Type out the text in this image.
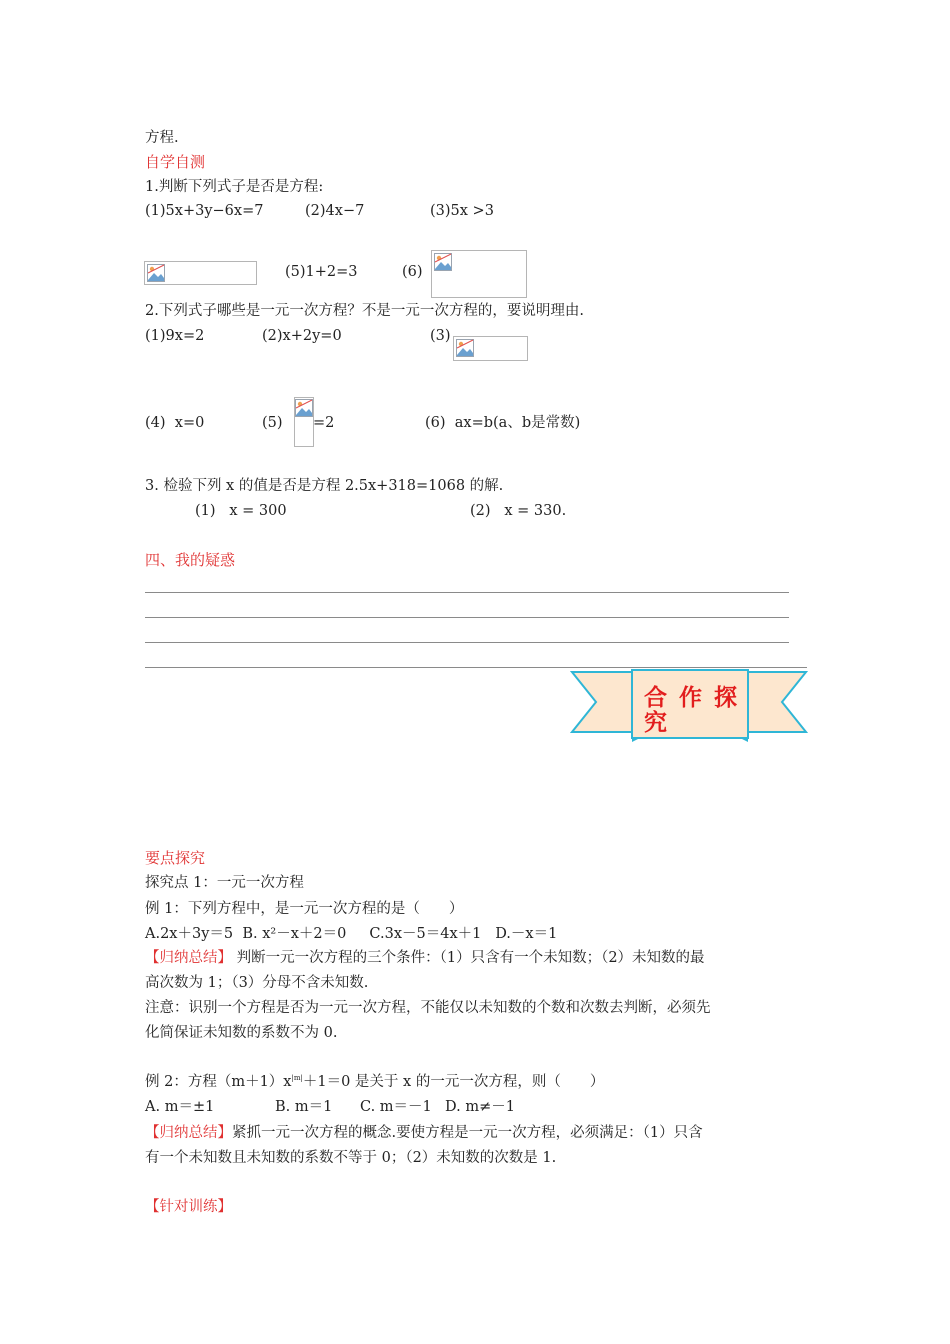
方程.
自学自测
1.判断下列式子是否是方程:
(1)5x+3y−6x=7	(2)4x−7	(3)5x >3
(5)1+2=3	(6)
2.下列式子哪些是一元一次方程？不是一元一次方程的，要说明理由.
(1)9x=2	(2)x+2y=0	(3)
(4) x=0	(5) =2	(6) ax=b(a、b是常数)
3. 检验下列 x 的值是否是方程 2.5x+318=1068 的解.
(1) x = 300	(2) x = 330.
四、我的疑惑
合 作 探 究
要点探究
探究点 1：一元一次方程
例 1：下列方程中，是一元一次方程的是（　　）
A.2x＋3y＝5 B. x²－x＋2＝0 C.3x－5＝4x＋1 D.－x＝1
【归纳总结】 判断一元一次方程的三个条件：（1）只含有一个未知数；（2）未知数的最
高次数为 1；（3）分母不含未知数.
注意：识别一个方程是否为一元一次方程，不能仅以未知数的个数和次数去判断，必须先
化简保证未知数的系数不为 0.
例 2：方程$(m+1)x^{|m|}+1=0$ 是关于 x 的一元一次方程，则（　　）
A. m＝±1	B. m＝1 C. m＝－1 D. m≠－1
【归纳总结】紧抓一元一次方程的概念.要使方程是一元一次方程，必须满足：（1）只含
有一个未知数且未知数的系数不等于 0；（2）未知数的次数是 1.
【针对训练】
